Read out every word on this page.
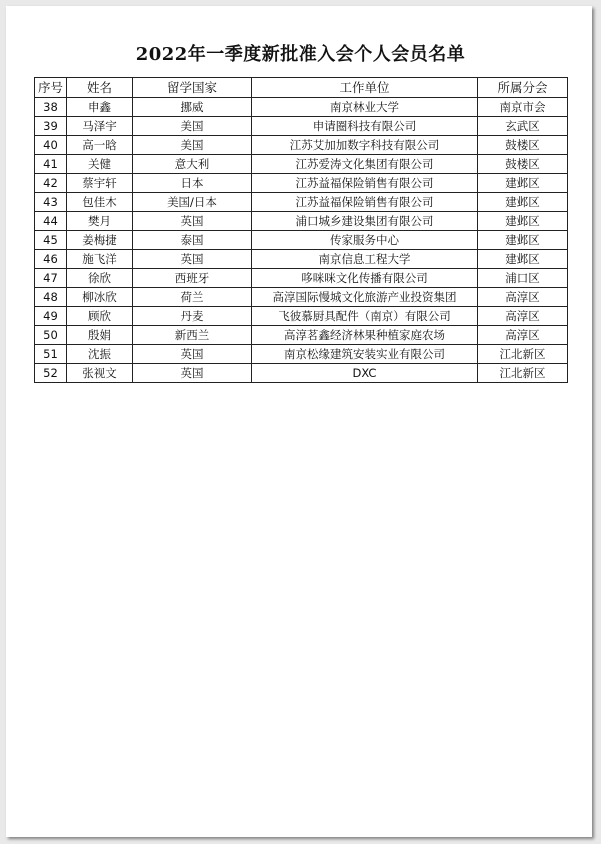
2022年一季度新批准入会个人会员名单
序号	姓名	留学国家	工作单位	所属分会
38	申鑫	挪威	南京林业大学	南京市会
39	马泽宇	美国	申请圈科技有限公司	玄武区
40	高一晗	美国	江苏艾加加数字科技有限公司	鼓楼区
41	关健	意大利	江苏爱涛文化集团有限公司	鼓楼区
42	蔡宇轩	日本	江苏益福保险销售有限公司	建邺区
43	包佳木	美国/日本	江苏益福保险销售有限公司	建邺区
44	樊月	英国	浦口城乡建设集团有限公司	建邺区
45	姜梅捷	泰国	传家服务中心	建邺区
46	施飞洋	英国	南京信息工程大学	建邺区
47	徐欣	西班牙	哆咪咪文化传播有限公司	浦口区
48	柳冰欣	荷兰	高淳国际慢城文化旅游产业投资集团	高淳区
49	顾欣	丹麦	飞彼慕厨具配件（南京）有限公司	高淳区
50	殷娟	新西兰	高淳茗鑫经济林果种植家庭农场	高淳区
51	沈振	英国	南京松缘建筑安装实业有限公司	江北新区
52	张视文	英国	DXC	江北新区
